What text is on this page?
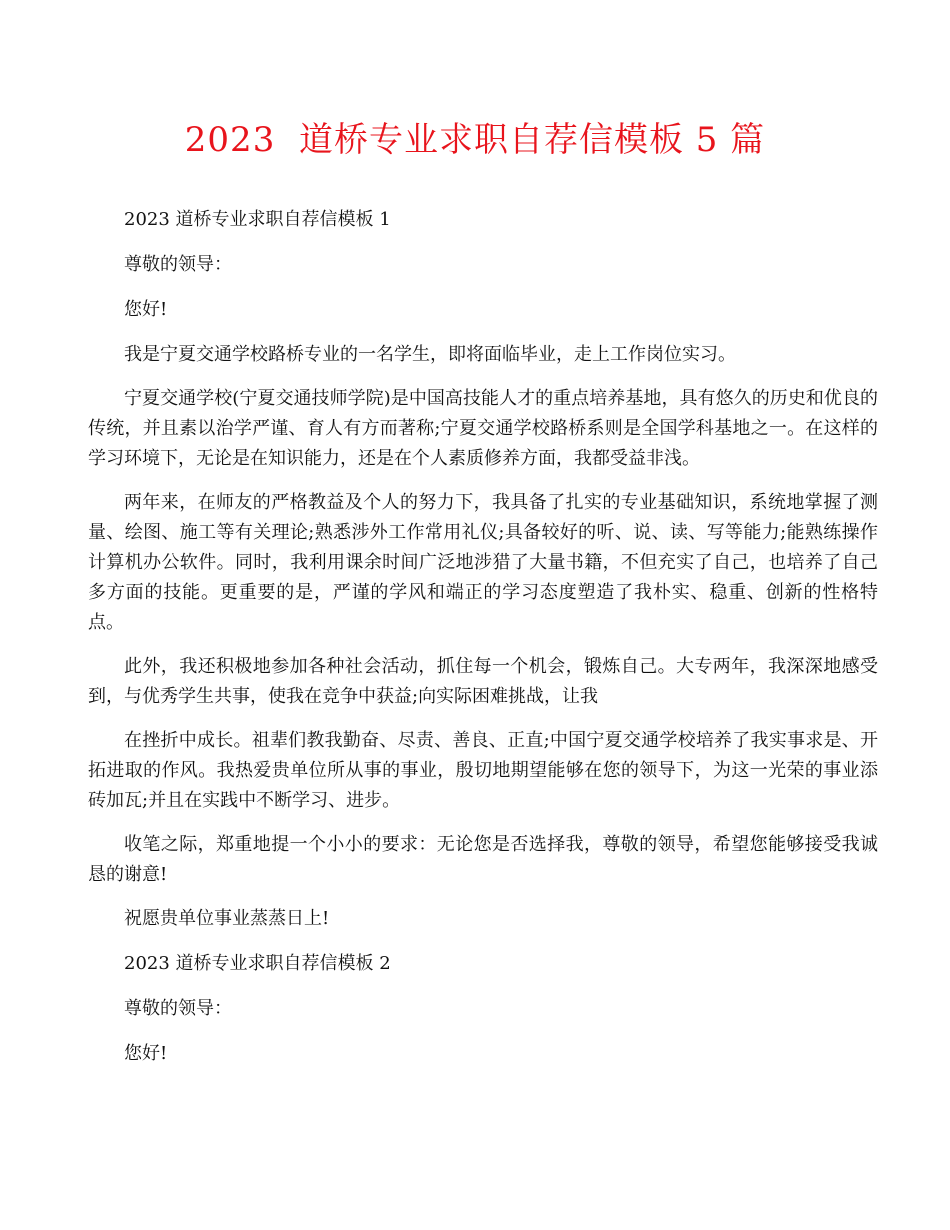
2023  道桥专业求职自荐信模板 5 篇

2023 道桥专业求职自荐信模板 1

尊敬的领导：

您好!

我是宁夏交通学校路桥专业的一名学生，即将面临毕业，走上工作岗位实习。

宁夏交通学校(宁夏交通技师学院)是中国高技能人才的重点培养基地，具有悠久的历史和优良的传统，并且素以治学严谨、育人有方而著称;宁夏交通学校路桥系则是全国学科基地之一。在这样的学习环境下，无论是在知识能力，还是在个人素质修养方面，我都受益非浅。

两年来，在师友的严格教益及个人的努力下，我具备了扎实的专业基础知识，系统地掌握了测量、绘图、施工等有关理论;熟悉涉外工作常用礼仪;具备较好的听、说、读、写等能力;能熟练操作计算机办公软件。同时，我利用课余时间广泛地涉猎了大量书籍，不但充实了自己，也培养了自己多方面的技能。更重要的是，严谨的学风和端正的学习态度塑造了我朴实、稳重、创新的性格特点。

此外，我还积极地参加各种社会活动，抓住每一个机会，锻炼自己。大专两年，我深深地感受到，与优秀学生共事，使我在竞争中获益;向实际困难挑战，让我

在挫折中成长。祖辈们教我勤奋、尽责、善良、正直;中国宁夏交通学校培养了我实事求是、开拓进取的作风。我热爱贵单位所从事的事业，殷切地期望能够在您的领导下，为这一光荣的事业添砖加瓦;并且在实践中不断学习、进步。

收笔之际，郑重地提一个小小的要求：无论您是否选择我，尊敬的领导，希望您能够接受我诚恳的谢意!

祝愿贵单位事业蒸蒸日上!

2023 道桥专业求职自荐信模板 2

尊敬的领导：

您好!
